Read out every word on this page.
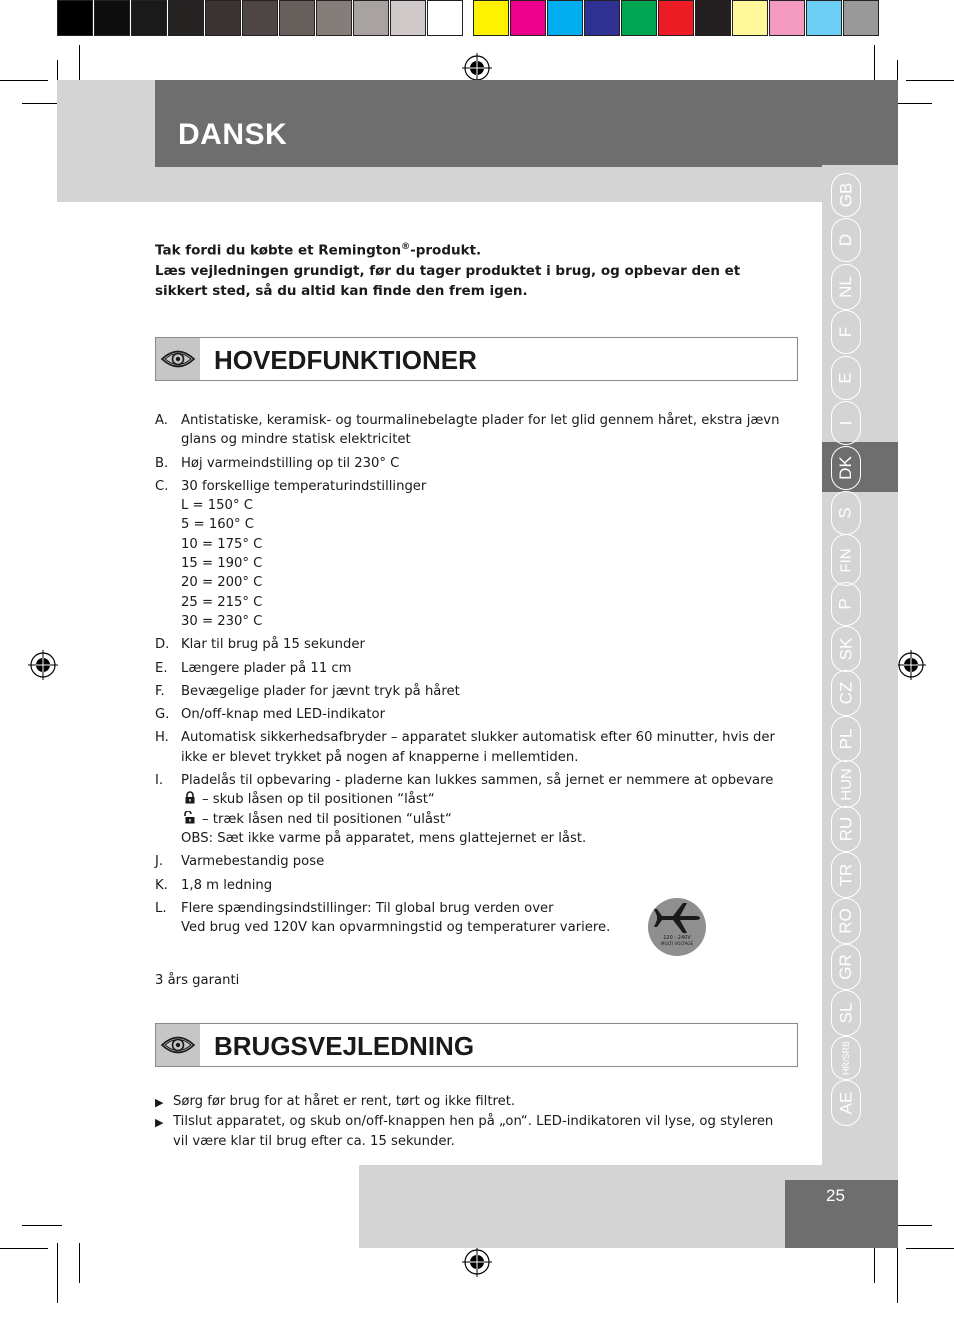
DANSK
GB
D
NL
F
E
I
DK
S
FIN
P
SK
CZ
PL
HUN
RU
TR
RO
GR
SL
HR/SRB
AE
25

Tak fordi du købte et Remington®-produkt.

Læs vejledningen grundigt, før du tager produktet i brug, og opbevar den et sikkert sted, så du altid kan finde den frem igen.

HOVEDFUNKTIONER
A. Antistatiske, keramisk- og tourmalinebelagte plader for let glid gennem håret, ekstra jævn
glans og mindre statisk elektricitet
B. Høj varmeindstilling op til 230° C
C. 30 forskellige temperaturindstillinger
L = 150° C
5 = 160° C
10 = 175° C
15 = 190° C
20 = 200° C
25 = 215° C
30 = 230° C
D. Klar til brug på 15 sekunder
E.	Længere plader på 11 cm
F.	Bevægelige plader for jævnt tryk på håret
G. On/off-knap med LED-indikator
H. Automatisk sikkerhedsafbryder – apparatet slukker automatisk efter 60 minutter, hvis der
ikke er blevet trykket på nogen af knapperne i mellemtiden.
I.	Pladelås til opbevaring - pladerne kan lukkes sammen, så jernet er nemmere at opbevare
– skub låsen op til positionen “låst“
– træk låsen ned til positionen “ulåst“
OBS: Sæt ikke varme på apparatet, mens glattejernet er låst.
J.	Varmebestandig pose
K. 1,8 m ledning
L.	Flere spændingsindstillinger: Til global brug verden over
Ved brug ved 120V kan opvarmningstid og temperaturer variere.
120 - 240V
MULTI VOLTAGE
3 års garanti
BRUGSVEJLEDNING
▶ Sørg før brug for at håret er rent, tørt og ikke filtret.
▶ Tilslut apparatet, og skub on/off-knappen hen på „on“. LED-indikatoren vil lyse, og styleren
vil være klar til brug efter ca. 15 sekunder.
